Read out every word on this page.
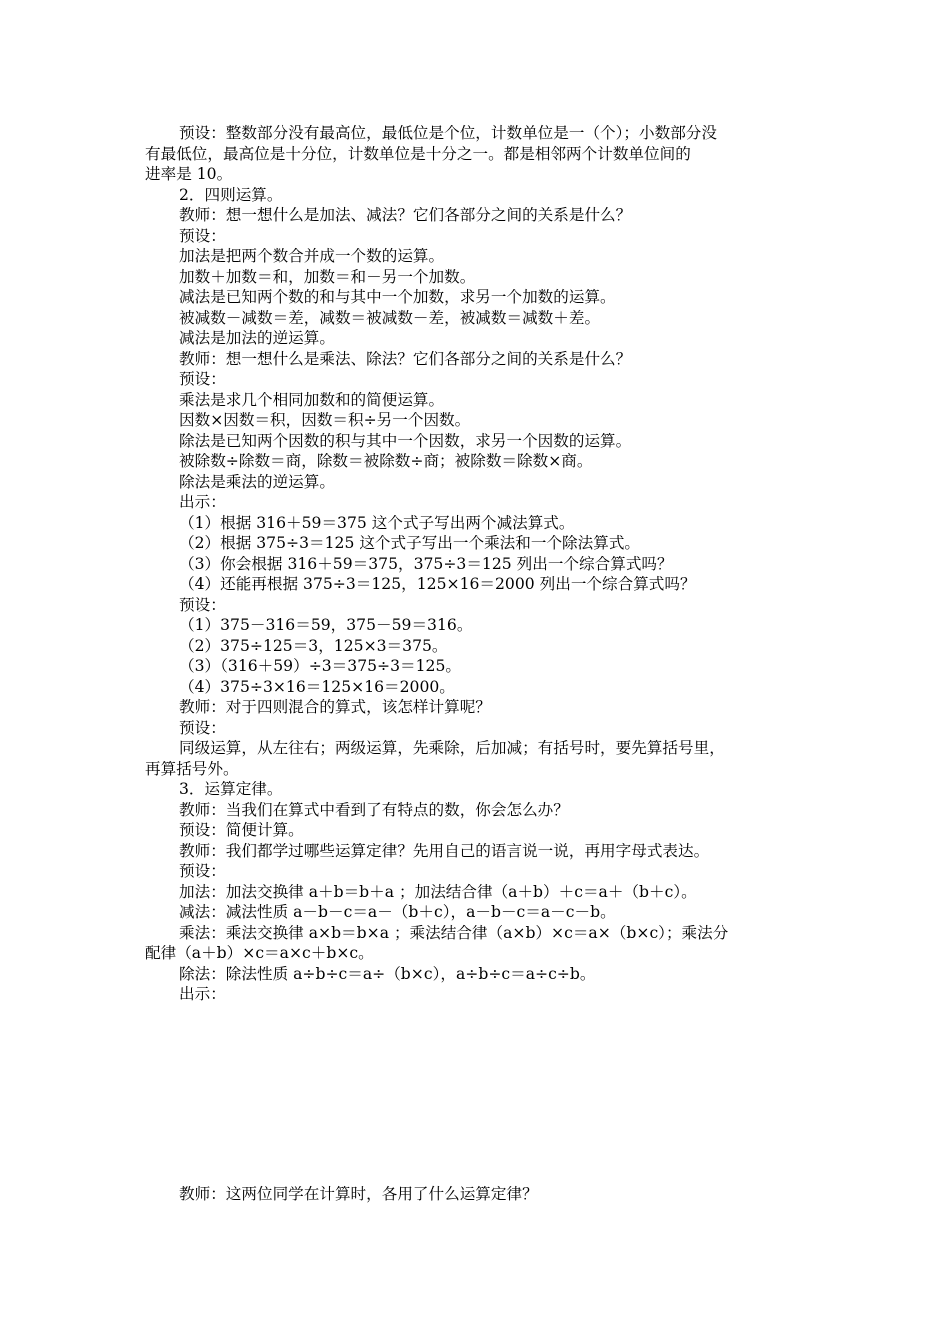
预设：整数部分没有最高位，最低位是个位，计数单位是一（个）；小数部分没
有最低位，最高位是十分位，计数单位是十分之一。都是相邻两个计数单位间的
进率是 10。
2．四则运算。
教师：想一想什么是加法、减法？它们各部分之间的关系是什么？
预设：
加法是把两个数合并成一个数的运算。
加数＋加数＝和，加数＝和－另一个加数。
减法是已知两个数的和与其中一个加数，求另一个加数的运算。
被减数－减数＝差，减数＝被减数－差，被减数＝减数＋差。
减法是加法的逆运算。
教师：想一想什么是乘法、除法？它们各部分之间的关系是什么？
预设：
乘法是求几个相同加数和的简便运算。
因数×因数＝积，因数＝积÷另一个因数。
除法是已知两个因数的积与其中一个因数，求另一个因数的运算。
被除数÷除数＝商，除数＝被除数÷商；被除数＝除数×商。
除法是乘法的逆运算。
出示：
（1）根据 316＋59＝375 这个式子写出两个减法算式。
（2）根据 375÷3＝125 这个式子写出一个乘法和一个除法算式。
（3）你会根据 316＋59＝375，375÷3＝125 列出一个综合算式吗？
（4）还能再根据 375÷3＝125，125×16＝2000 列出一个综合算式吗？
预设：
（1）375－316＝59，375－59＝316。
（2）375÷125＝3，125×3＝375。
（3）（316＋59）÷3＝375÷3＝125。
（4）375÷3×16＝125×16＝2000。
教师：对于四则混合的算式，该怎样计算呢？
预设：
同级运算，从左往右；两级运算，先乘除，后加减；有括号时，要先算括号里，
再算括号外。
3．运算定律。
教师：当我们在算式中看到了有特点的数，你会怎么办？
预设：简便计算。
教师：我们都学过哪些运算定律？先用自己的语言说一说，再用字母式表达。
预设：
加法：加法交换律 a＋b＝b＋a ；加法结合律（a＋b）＋c＝a＋（b＋c）。
减法：减法性质 a－b－c＝a－（b＋c），a－b－c＝a－c－b。
乘法：乘法交换律 a×b＝b×a ；乘法结合律（a×b）×c＝a×（b×c）；乘法分
配律（a＋b）×c＝a×c＋b×c。
除法：除法性质 a÷b÷c＝a÷（b×c），a÷b÷c＝a÷c÷b。
出示：
教师：这两位同学在计算时，各用了什么运算定律？
